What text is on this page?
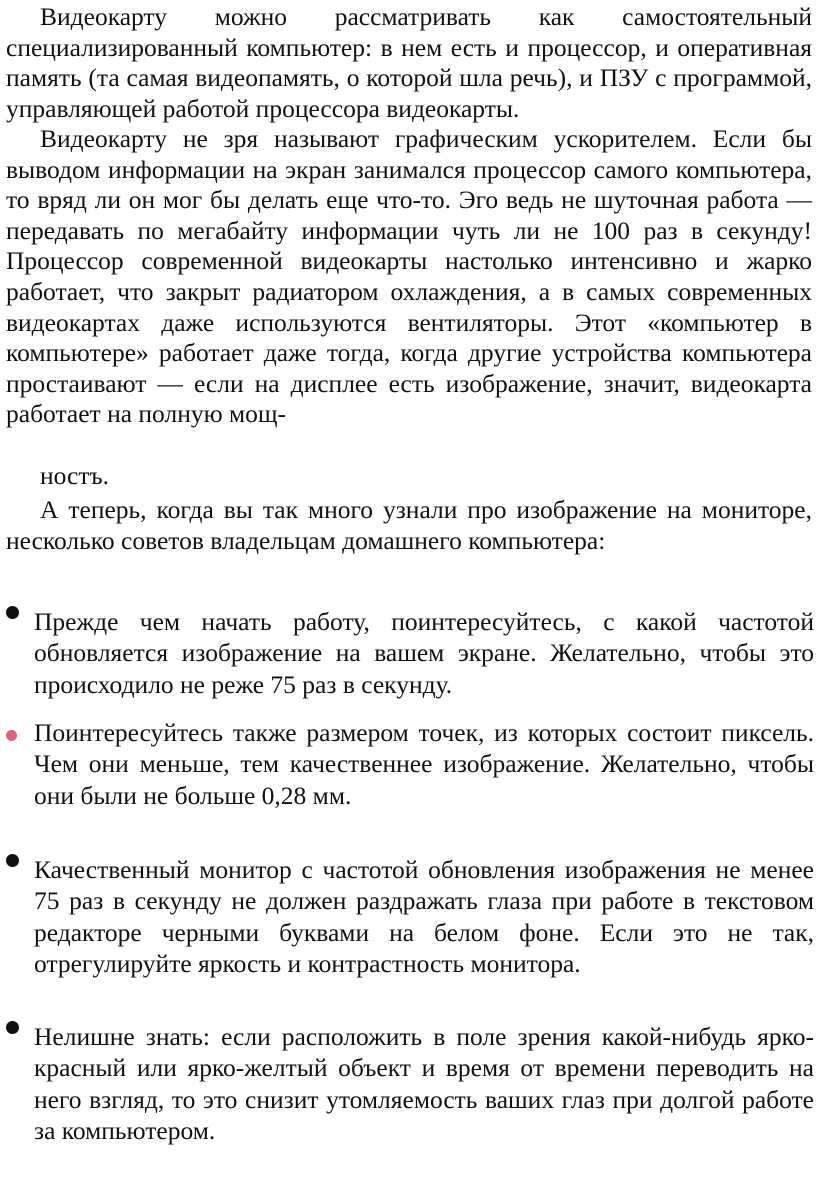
Видеокарту можно рассматривать как самостоятельный специализированный компьютер: в нем есть и процессор, и оперативная память (та самая видеопамять, о которой шла речь), и ПЗУ с программой, управляющей работой процессора видеокарты.

Видеокарту не зря называют графическим ускорителем. Если бы выводом информации на экран занимался процессор самого компьютера, то вряд ли он мог бы делать еще что-то. Эго ведь не шуточная работа — передавать по мегабайту информации чуть ли не 100 раз в секунду! Процессор современной видеокарты настолько интенсивно и жарко работает, что закрыт радиатором охлаждения, а в самых современных видеокартах даже используются вентиляторы. Этот «компьютер в компьютере» работает даже тогда, когда другие устройства компьютера простаивают — если на дисплее есть изображение, значит, видеокарта работает на полную мощ-

ностъ.

А теперь, когда вы так много узнали про изображение на мониторе, несколько советов владельцам домашнего компьютера:

Прежде чем начать работу, поинтересуйтесь, с какой частотой обновляется изображение на вашем экране. Желательно, чтобы это происходило не реже 75 раз в секунду.

Поинтересуйтесь также размером точек, из которых состоит пиксель. Чем они меньше, тем качественнее изображение. Желательно, чтобы они были не больше 0,28 мм.

Качественный монитор с частотой обновления изображения не менее 75 раз в секунду не должен раздражать глаза при работе в текстовом редакторе черными буквами на белом фоне. Если это не так, отрегулируйте яркость и контрастность монитора.

Нелишне знать: если расположить в поле зрения какой-нибудь ярко-красный или ярко-желтый объект и время от времени переводить на него взгляд, то это снизит утомляемость ваших глаз при долгой работе за компьютером.
